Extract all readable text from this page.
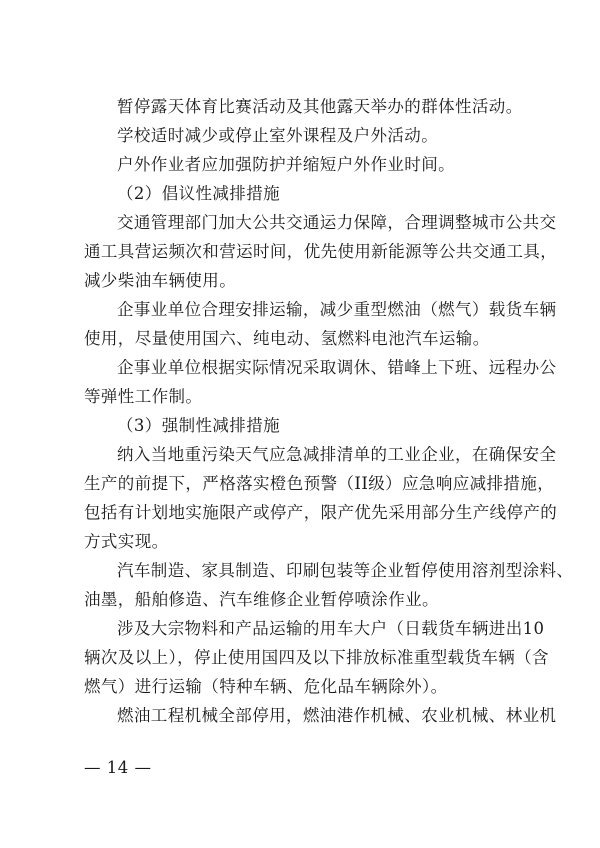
暂停露天体育比赛活动及其他露天举办的群体性活动。
学校适时减少或停止室外课程及户外活动。
户外作业者应加强防护并缩短户外作业时间。
（2）倡议性减排措施
交通管理部门加大公共交通运力保障，合理调整城市公共交
通工具营运频次和营运时间，优先使用新能源等公共交通工具，
减少柴油车辆使用。
企事业单位合理安排运输，减少重型燃油（燃气）载货车辆
使用，尽量使用国六、纯电动、氢燃料电池汽车运输。
企事业单位根据实际情况采取调休、错峰上下班、远程办公
等弹性工作制。
（3）强制性减排措施
纳入当地重污染天气应急减排清单的工业企业，在确保安全
生产的前提下，严格落实橙色预警（II级）应急响应减排措施，
包括有计划地实施限产或停产，限产优先采用部分生产线停产的
方式实现。
汽车制造、家具制造、印刷包装等企业暂停使用溶剂型涂料、
油墨，船舶修造、汽车维修企业暂停喷涂作业。
涉及大宗物料和产品运输的用车大户（日载货车辆进出10
辆次及以上），停止使用国四及以下排放标准重型载货车辆（含
燃气）进行运输（特种车辆、危化品车辆除外）。
燃油工程机械全部停用，燃油港作机械、农业机械、林业机
— 14 —
